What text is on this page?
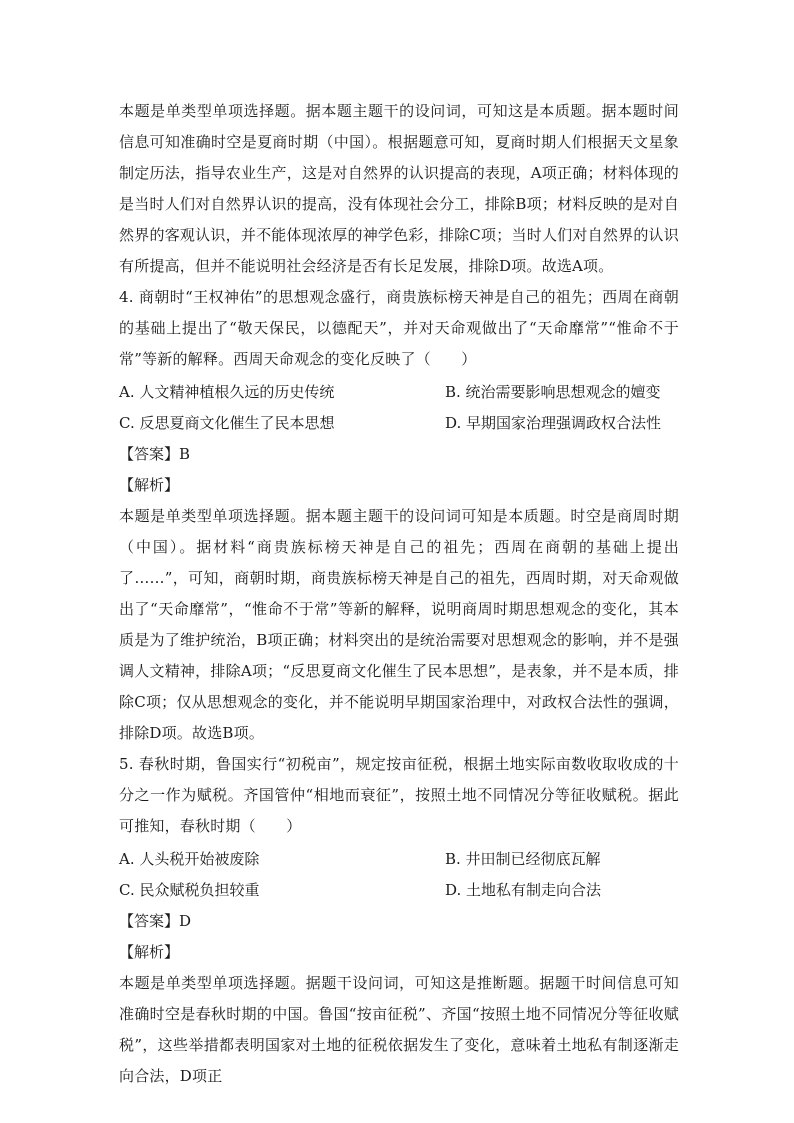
本题是单类型单项选择题。据本题主题干的设问词，可知这是本质题。据本题时间信息可知准确时空是夏商时期（中国）。根据题意可知，夏商时期人们根据天文星象制定历法，指导农业生产，这是对自然界的认识提高的表现，A项正确；材料体现的是当时人们对自然界认识的提高，没有体现社会分工，排除B项；材料反映的是对自然界的客观认识，并不能体现浓厚的神学色彩，排除C项；当时人们对自然界的认识有所提高，但并不能说明社会经济是否有长足发展，排除D项。故选A项。

4. 商朝时“王权神佑”的思想观念盛行，商贵族标榜天神是自己的祖先；西周在商朝的基础上提出了“敬天保民，以德配天”，并对天命观做出了“天命靡常”“惟命不于常”等新的解释。西周天命观念的变化反映了（　　）

A. 人文精神植根久远的历史传统	B. 统治需要影响思想观念的嬗变
C. 反思夏商文化催生了民本思想	D. 早期国家治理强调政权合法性

【答案】B

【解析】

本题是单类型单项选择题。据本题主题干的设问词可知是本质题。时空是商周时期（中国）。据材料“商贵族标榜天神是自己的祖先；西周在商朝的基础上提出了……”，可知，商朝时期，商贵族标榜天神是自己的祖先，西周时期，对天命观做出了“天命靡常”，“惟命不于常”等新的解释，说明商周时期思想观念的变化，其本质是为了维护统治，B项正确；材料突出的是统治需要对思想观念的影响，并不是强调人文精神，排除A项；“反思夏商文化催生了民本思想”，是表象，并不是本质，排除C项；仅从思想观念的变化，并不能说明早期国家治理中，对政权合法性的强调，排除D项。故选B项。

5. 春秋时期，鲁国实行“初税亩”，规定按亩征税，根据土地实际亩数收取收成的十分之一作为赋税。齐国管仲“相地而衰征”，按照土地不同情况分等征收赋税。据此可推知，春秋时期（　　）

A. 人头税开始被废除	B. 井田制已经彻底瓦解
C. 民众赋税负担较重	D. 土地私有制走向合法

【答案】D

【解析】

本题是单类型单项选择题。据题干设问词，可知这是推断题。据题干时间信息可知准确时空是春秋时期的中国。鲁国“按亩征税”、齐国“按照土地不同情况分等征收赋税”，这些举措都表明国家对土地的征税依据发生了变化，意味着土地私有制逐渐走向合法，D项正
